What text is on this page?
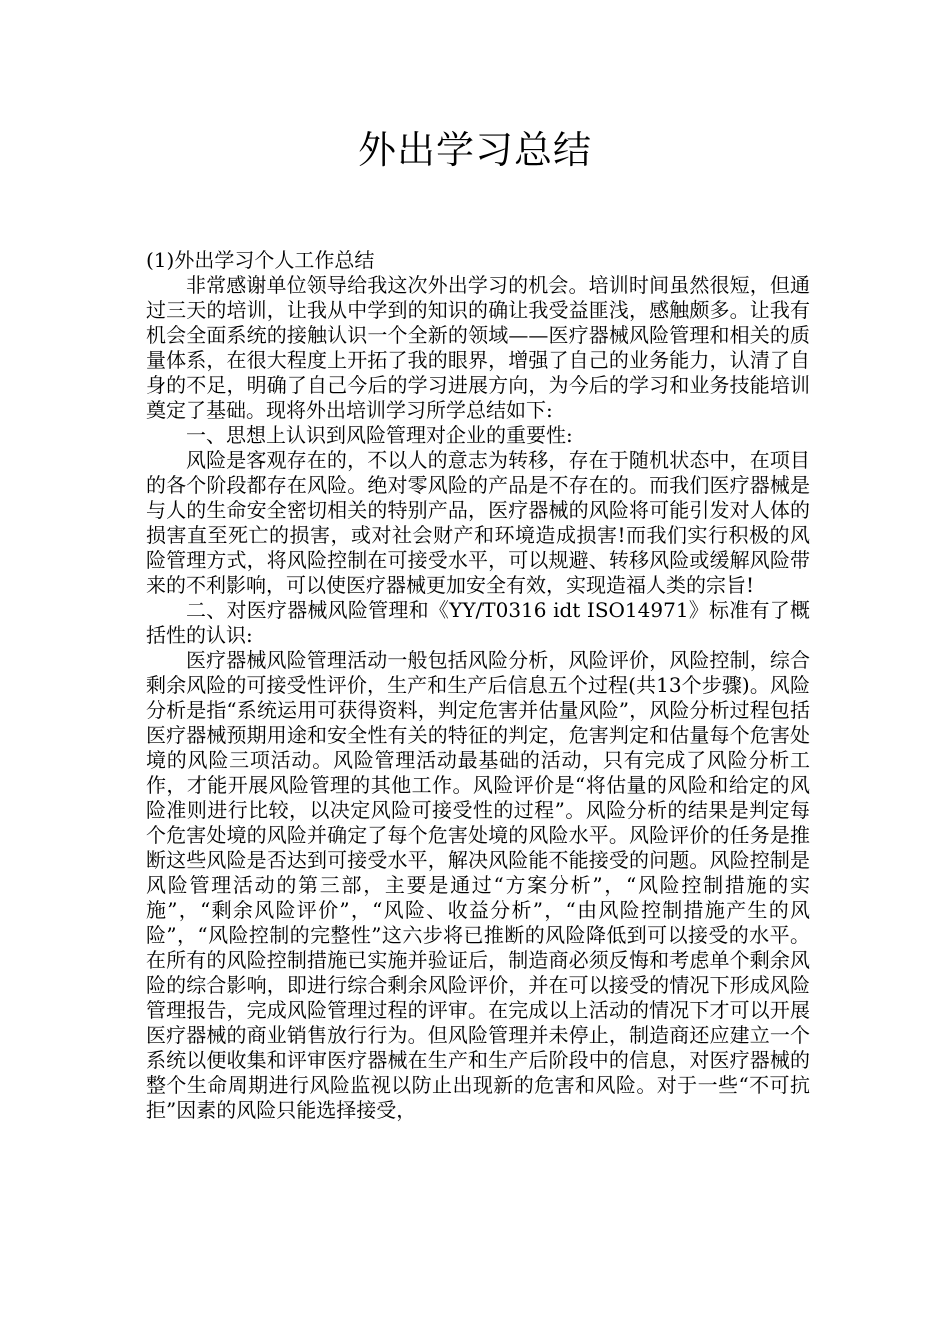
外出学习总结

(1)外出学习个人工作总结

非常感谢单位领导给我这次外出学习的机会。培训时间虽然很短，但通过三天的培训，让我从中学到的知识的确让我受益匪浅，感触颇多。让我有机会全面系统的接触认识一个全新的领域——医疗器械风险管理和相关的质量体系，在很大程度上开拓了我的眼界，增强了自己的业务能力，认清了自身的不足，明确了自己今后的学习进展方向，为今后的学习和业务技能培训奠定了基础。现将外出培训学习所学总结如下:

一、思想上认识到风险管理对企业的重要性:

风险是客观存在的，不以人的意志为转移，存在于随机状态中，在项目的各个阶段都存在风险。绝对零风险的产品是不存在的。而我们医疗器械是与人的生命安全密切相关的特别产品，医疗器械的风险将可能引发对人体的损害直至死亡的损害，或对社会财产和环境造成损害!而我们实行积极的风险管理方式，将风险控制在可接受水平，可以规避、转移风险或缓解风险带来的不利影响，可以使医疗器械更加安全有效，实现造福人类的宗旨!

二、对医疗器械风险管理和《YY/T0316 idt ISO14971》标准有了概括性的认识:

医疗器械风险管理活动一般包括风险分析，风险评价，风险控制，综合剩余风险的可接受性评价，生产和生产后信息五个过程(共13个步骤)。风险分析是指“系统运用可获得资料，判定危害并估量风险”，风险分析过程包括医疗器械预期用途和安全性有关的特征的判定，危害判定和估量每个危害处境的风险三项活动。风险管理活动最基础的活动，只有完成了风险分析工作，才能开展风险管理的其他工作。风险评价是“将估量的风险和给定的风险准则进行比较，以决定风险可接受性的过程”。风险分析的结果是判定每个危害处境的风险并确定了每个危害处境的风险水平。风险评价的任务是推断这些风险是否达到可接受水平，解决风险能不能接受的问题。风险控制是风险管理活动的第三部，主要是通过“方案分析”，“风险控制措施的实施”，“剩余风险评价”，“风险、收益分析”，“由风险控制措施产生的风险”，“风险控制的完整性”这六步将已推断的风险降低到可以接受的水平。在所有的风险控制措施已实施并验证后，制造商必须反悔和考虑单个剩余风险的综合影响，即进行综合剩余风险评价，并在可以接受的情况下形成风险管理报告，完成风险管理过程的评审。在完成以上活动的情况下才可以开展医疗器械的商业销售放行行为。但风险管理并未停止，制造商还应建立一个系统以便收集和评审医疗器械在生产和生产后阶段中的信息，对医疗器械的整个生命周期进行风险监视以防止出现新的危害和风险。对于一些“不可抗拒”因素的风险只能选择接受，
